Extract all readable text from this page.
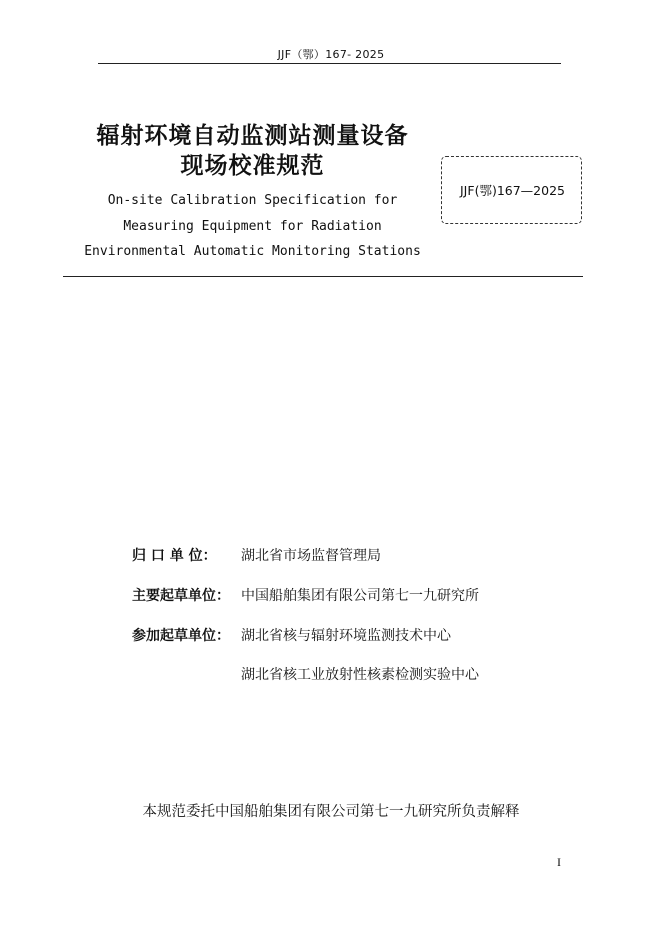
JJF（鄂）167- 2025
辐射环境自动监测站测量设备
现场校准规范
On-site Calibration Specification for
Measuring Equipment for Radiation
Environmental Automatic Monitoring Stations
JJF(鄂)167—2025
归 口 单 位：	湖北省市场监督管理局
主要起草单位： 中国船舶集团有限公司第七一九研究所
参加起草单位： 湖北省核与辐射环境监测技术中心
湖北省核工业放射性核素检测实验中心
本规范委托中国船舶集团有限公司第七一九研究所负责解释
I
